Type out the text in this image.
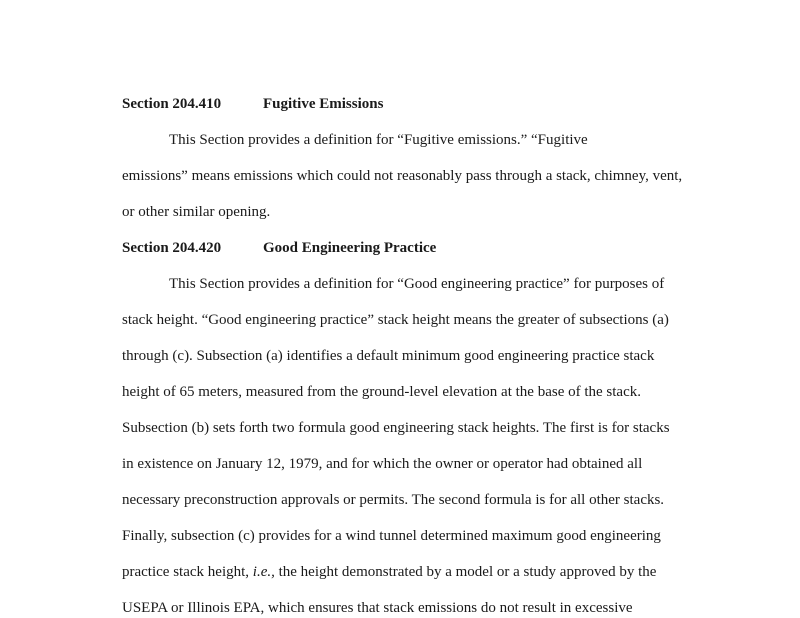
Section 204.410	Fugitive Emissions
This Section provides a definition for “Fugitive emissions.” “Fugitive
emissions” means emissions which could not reasonably pass through a stack, chimney, vent,
or other similar opening.
Section 204.420	Good Engineering Practice
This Section provides a definition for “Good engineering practice” for purposes of
stack height. “Good engineering practice” stack height means the greater of subsections (a)
through (c). Subsection (a) identifies a default minimum good engineering practice stack
height of 65 meters, measured from the ground-level elevation at the base of the stack.
Subsection (b) sets forth two formula good engineering stack heights. The first is for stacks
in existence on January 12, 1979, and for which the owner or operator had obtained all
necessary preconstruction approvals or permits. The second formula is for all other stacks.
Finally, subsection (c) provides for a wind tunnel determined maximum good engineering
practice stack height, i.e., the height demonstrated by a model or a study approved by the
USEPA or Illinois EPA, which ensures that stack emissions do not result in excessive
